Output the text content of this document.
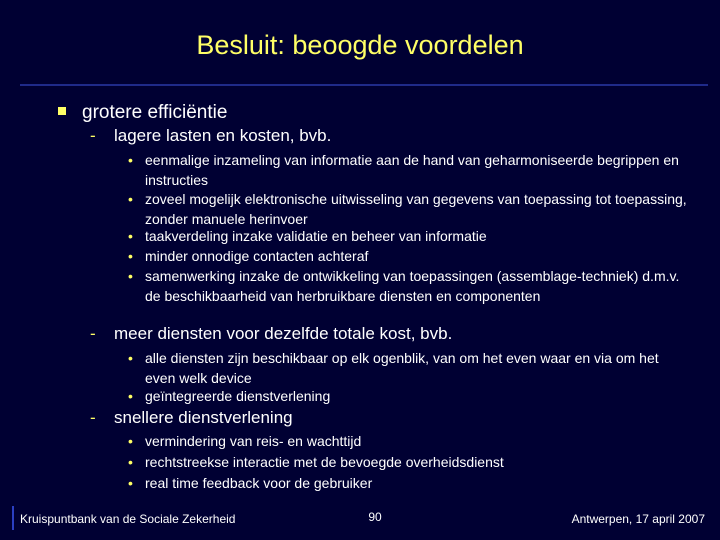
Besluit: beoogde voordelen
grotere efficiëntie
- lagere lasten en kosten, bvb.
• eenmalige inzameling van informatie aan de hand van geharmoniseerde begrippen en instructies
• zoveel mogelijk elektronische uitwisseling van gegevens van toepassing tot toepassing, zonder manuele herinvoer
• taakverdeling inzake validatie en beheer van informatie
• minder onnodige contacten achteraf
• samenwerking inzake de ontwikkeling van toepassingen (assemblage-techniek) d.m.v. de beschikbaarheid van herbruikbare diensten en componenten
- meer diensten voor dezelfde totale kost, bvb.
• alle diensten zijn beschikbaar op elk ogenblik, van om het even waar en via om het even welk device
• geïntegreerde dienstverlening
- snellere dienstverlening
• vermindering van reis- en wachttijd
• rechtstreekse interactie met de bevoegde overheidsdienst
• real time feedback voor de gebruiker
Kruispuntbank van de Sociale Zekerheid	90	Antwerpen, 17 april 2007
